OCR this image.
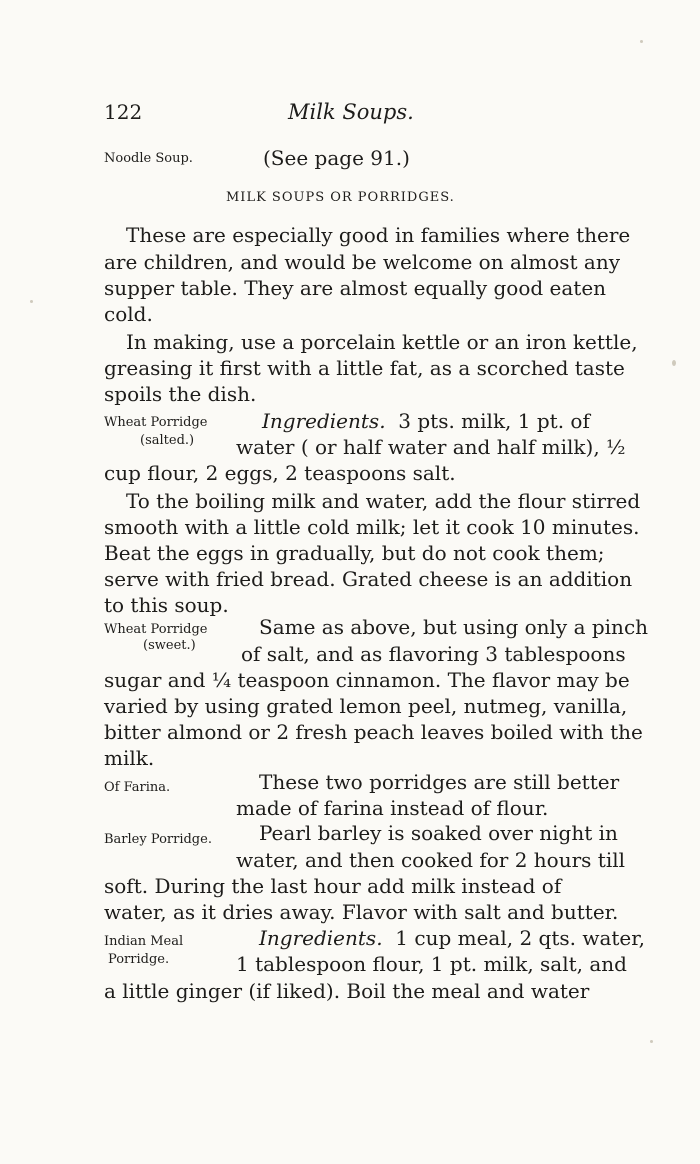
122	Milk Soups.
Noodle Soup.	(See page 91.)
MILK SOUPS OR PORRIDGES.
These are especially good in families where there
are children, and would be welcome on almost any
supper table. They are almost equally good eaten
cold.
In making, use a porcelain kettle or an iron kettle,
greasing it first with a little fat, as a scorched taste
spoils the dish.
Wheat Porridge
(salted.)
Ingredients. 3 pts. milk, 1 pt. of
water ( or half water and half milk), ½
cup flour, 2 eggs, 2 teaspoons salt.
To the boiling milk and water, add the flour stirred
smooth with a little cold milk; let it cook 10 minutes.
Beat the eggs in gradually, but do not cook them;
serve with fried bread. Grated cheese is an addition
to this soup.
Wheat Porridge
(sweet.)
Same as above, but using only a pinch
of salt, and as flavoring 3 tablespoons
sugar and ¼ teaspoon cinnamon. The flavor may be
varied by using grated lemon peel, nutmeg, vanilla,
bitter almond or 2 fresh peach leaves boiled with the
milk.
Of Farina.	These two porridges are still better
made of farina instead of flour.
Barley Porridge. Pearl barley is soaked over night in
water, and then cooked for 2 hours till
soft. During the last hour add milk instead of
water, as it dries away. Flavor with salt and butter.
Indian Meal
Porridge.
Ingredients. 1 cup meal, 2 qts. water,
1 tablespoon flour, 1 pt. milk, salt, and
a little ginger (if liked). Boil the meal and water
